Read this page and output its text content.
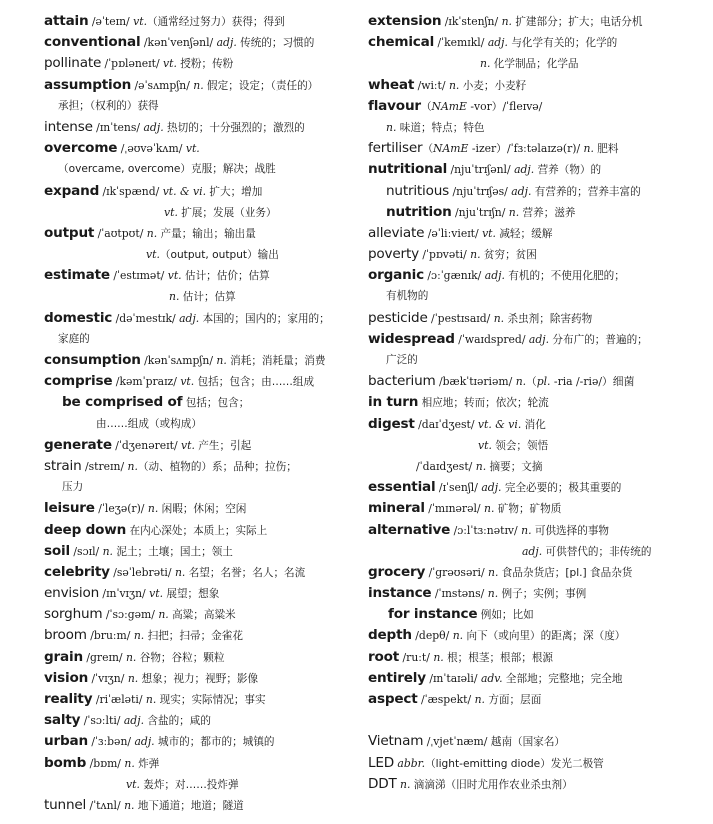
attain /əˈteɪn/ vt.（通常经过努力）获得；得到
conventional /kənˈvenʃənl/ adj. 传统的；习惯的
pollinate /ˈpɒləneɪt/ vt. 授粉；传粉
assumption /əˈsʌmpʃn/ n. 假定；设定；（责任的）
承担；（权利的）获得
intense /ɪnˈtens/ adj. 热切的；十分强烈的；激烈的
overcome /ˌəʊvəˈkʌm/ vt.
（overcame, overcome）克服；解决；战胜
expand /ɪkˈspænd/ vt. & vi. 扩大；增加
vt. 扩展；发展（业务）
output /ˈaʊtpʊt/ n. 产量；输出；输出量
vt.（output, output）输出
estimate /ˈestɪmət/ vt. 估计；估价；估算
n. 估计；估算
domestic /dəˈmestɪk/ adj. 本国的；国内的；家用的；
家庭的
consumption /kənˈsʌmpʃn/ n. 消耗；消耗量；消费
comprise /kəmˈpraɪz/ vt. 包括；包含；由……组成
be comprised of 包括；包含；
由……组成（或构成）
generate /ˈdʒenəreɪt/ vt. 产生；引起
strain /streɪn/ n.（动、植物的）系；品种；拉伤；
压力
leisure /ˈleʒə(r)/ n. 闲暇；休闲；空闲
deep down 在内心深处；本质上；实际上
soil /sɔɪl/ n. 泥土；土壤；国土；领土
celebrity /səˈlebrəti/ n. 名望；名誉；名人；名流
envision /ɪnˈvɪʒn/ vt. 展望；想象
sorghum /ˈsɔːgəm/ n. 高粱；高粱米
broom /bruːm/ n. 扫把；扫帚；金雀花
grain /greɪn/ n. 谷物；谷粒；颗粒
vision /ˈvɪʒn/ n. 想象；视力；视野；影像
reality /riˈæləti/ n. 现实；实际情况；事实
salty /ˈsɔːlti/ adj. 含盐的；咸的
urban /ˈɜːbən/ adj. 城市的；都市的；城镇的
bomb /bɒm/ n. 炸弹
vt. 轰炸；对……投炸弹
tunnel /ˈtʌnl/ n. 地下通道；地道；隧道
extension /ɪkˈstenʃn/ n. 扩建部分；扩大；电话分机
chemical /ˈkemɪkl/ adj. 与化学有关的；化学的
n. 化学制品；化学品
wheat /wiːt/ n. 小麦；小麦籽
flavour（NAmE -vor）/ˈfleɪvə/
n. 味道；特点；特色
fertiliser（NAmE -izer）/ˈfɜːtəlaɪzə(r)/ n. 肥料
nutritional /njuˈtrɪʃənl/ adj. 营养（物）的
nutritious /njuˈtrɪʃəs/ adj. 有营养的；营养丰富的
nutrition /njuˈtrɪʃn/ n. 营养；滋养
alleviate /əˈliːvieɪt/ vt. 减轻；缓解
poverty /ˈpɒvəti/ n. 贫穷；贫困
organic /ɔːˈgænɪk/ adj. 有机的；不使用化肥的；
有机物的
pesticide /ˈpestɪsaɪd/ n. 杀虫剂；除害药物
widespread /ˈwaɪdspred/ adj. 分布广的；普遍的；
广泛的
bacterium /bækˈtɪəriəm/ n.（pl. -ria /-riə/）细菌
in turn 相应地；转而；依次；轮流
digest /daɪˈdʒest/ vt. & vi. 消化
vt. 领会；领悟
/ˈdaɪdʒest/ n. 摘要；文摘
essential /ɪˈsenʃl/ adj. 完全必要的；极其重要的
mineral /ˈmɪnərəl/ n. 矿物；矿物质
alternative /ɔːlˈtɜːnətɪv/ n. 可供选择的事物
adj. 可供替代的；非传统的
grocery /ˈgrəʊsəri/ n. 食品杂货店；[pl.] 食品杂货
instance /ˈɪnstəns/ n. 例子；实例；事例
for instance 例如；比如
depth /depθ/ n. 向下（或向里）的距离；深（度）
root /ruːt/ n. 根；根茎；根部；根源
entirely /ɪnˈtaɪəli/ adv. 全部地；完整地；完全地
aspect /ˈæspekt/ n. 方面；层面

Vietnam /ˌvjetˈnæm/ 越南（国家名）
LED abbr.（light-emitting diode）发光二极管
DDT n. 滴滴涕（旧时尤用作农业杀虫剂）
